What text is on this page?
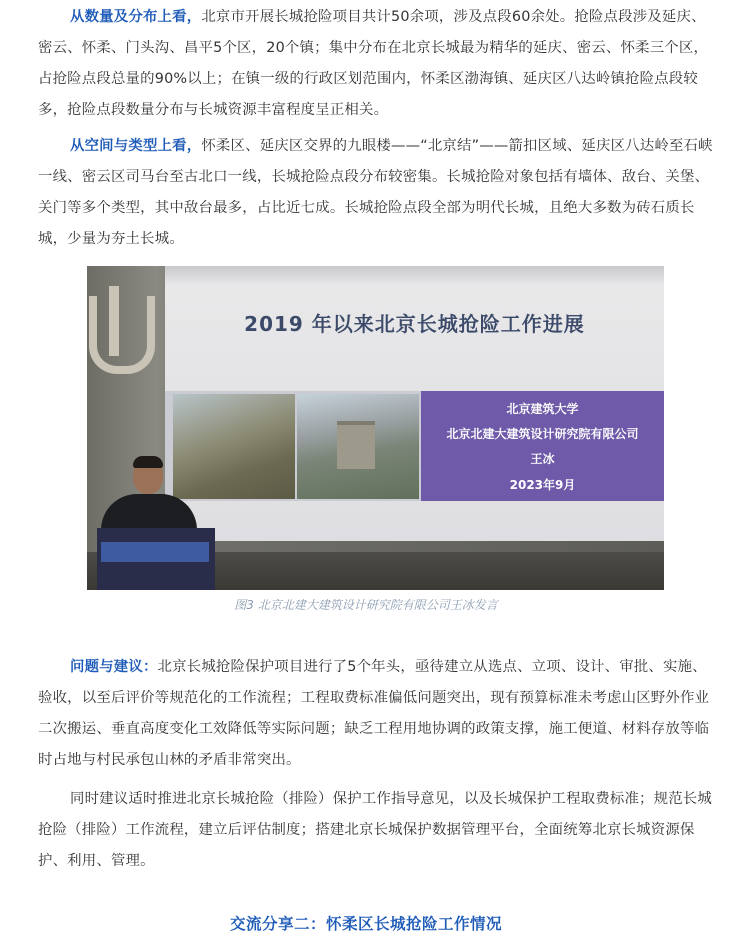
从数量及分布上看，北京市开展长城抢险项目共计50余项，涉及点段60余处。抢险点段涉及延庆、密云、怀柔、门头沟、昌平5个区，20个镇；集中分布在北京长城最为精华的延庆、密云、怀柔三个区，占抢险点段总量的90%以上；在镇一级的行政区划范围内，怀柔区渤海镇、延庆区八达岭镇抢险点段较多，抢险点段数量分布与长城资源丰富程度呈正相关。

从空间与类型上看，怀柔区、延庆区交界的九眼楼——“北京结”——箭扣区域、延庆区八达岭至石峡一线、密云区司马台至古北口一线，长城抢险点段分布较密集。长城抢险对象包括有墙体、敌台、关堡、关门等多个类型，其中敌台最多，占比近七成。长城抢险点段全部为明代长城，且绝大多数为砖石质长城，少量为夯土长城。

2019 年以来北京长城抢险工作进展
北京建筑大学
北京北建大建筑设计研究院有限公司
王冰
2023年9月
图3 北京北建大建筑设计研究院有限公司王冰发言

问题与建议：北京长城抢险保护项目进行了5个年头，亟待建立从选点、立项、设计、审批、实施、验收，以至后评价等规范化的工作流程；工程取费标准偏低问题突出，现有预算标准未考虑山区野外作业二次搬运、垂直高度变化工效降低等实际问题；缺乏工程用地协调的政策支撑，施工便道、材料存放等临时占地与村民承包山林的矛盾非常突出。

同时建议适时推进北京长城抢险（排险）保护工作指导意见，以及长城保护工程取费标准；规范长城抢险（排险）工作流程，建立后评估制度；搭建北京长城保护数据管理平台，全面统筹北京长城资源保护、利用、管理。

交流分享二：怀柔区长城抢险工作情况
